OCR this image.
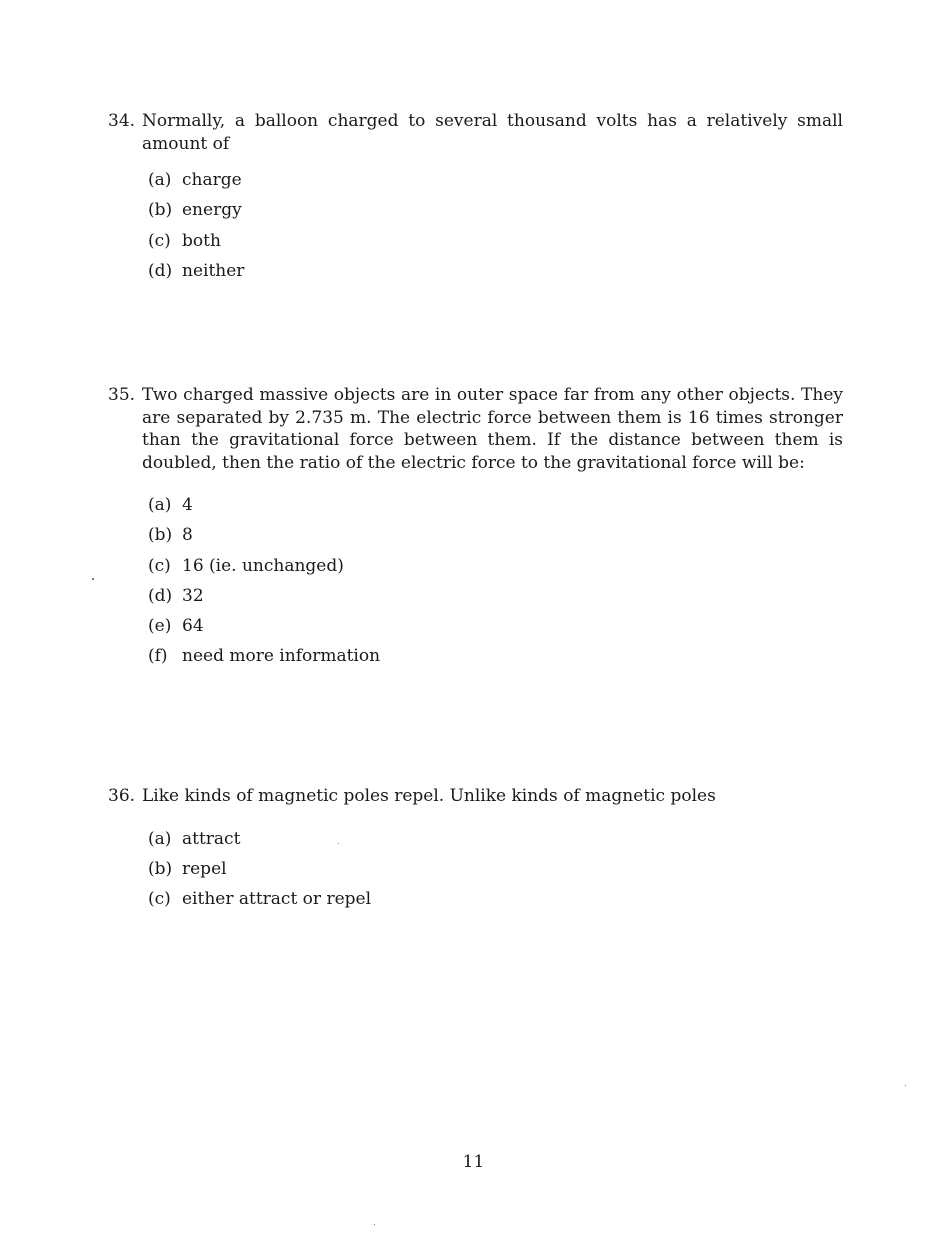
34. Normally, a balloon charged to several thousand volts has a relatively small amount of
(a) charge
(b) energy
(c) both
(d) neither
35. Two charged massive objects are in outer space far from any other objects. They are separated by 2.735 m. The electric force between them is 16 times stronger than the gravitational force between them. If the distance between them is doubled, then the ratio of the electric force to the gravitational force will be:
(a) 4
(b) 8
(c) 16 (ie. unchanged)
(d) 32
(e) 64
(f) need more information
36. Like kinds of magnetic poles repel. Unlike kinds of magnetic poles
(a) attract
(b) repel
(c) either attract or repel
11
